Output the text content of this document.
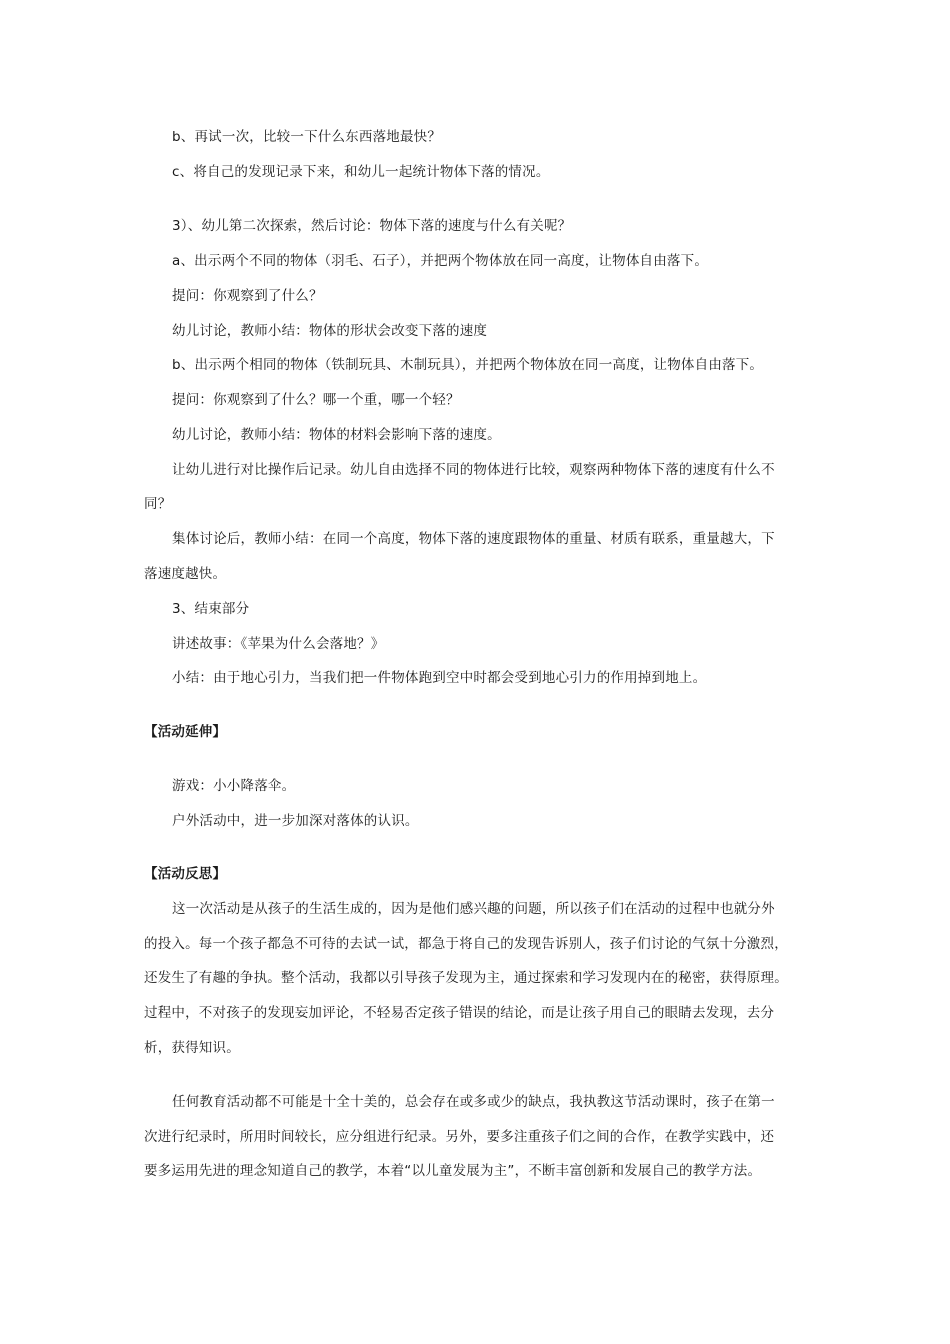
b、再试一次，比较一下什么东西落地最快？
c、将自己的发现记录下来，和幼儿一起统计物体下落的情况。
3）、幼儿第二次探索，然后讨论：物体下落的速度与什么有关呢？
a、出示两个不同的物体（羽毛、石子），并把两个物体放在同一高度，让物体自由落下。
提问：你观察到了什么？
幼儿讨论，教师小结：物体的形状会改变下落的速度
b、出示两个相同的物体（铁制玩具、木制玩具），并把两个物体放在同一高度，让物体自由落下。
提问：你观察到了什么？哪一个重，哪一个轻？
幼儿讨论，教师小结：物体的材料会影响下落的速度。
让幼儿进行对比操作后记录。幼儿自由选择不同的物体进行比较，观察两种物体下落的速度有什么不
同？
集体讨论后，教师小结：在同一个高度，物体下落的速度跟物体的重量、材质有联系，重量越大，下
落速度越快。
3、结束部分
讲述故事：《苹果为什么会落地？》
小结：由于地心引力，当我们把一件物体跑到空中时都会受到地心引力的作用掉到地上。
【活动延伸】
游戏：小小降落伞。
户外活动中，进一步加深对落体的认识。
【活动反思】
这一次活动是从孩子的生活生成的，因为是他们感兴趣的问题，所以孩子们在活动的过程中也就分外
的投入。每一个孩子都急不可待的去试一试，都急于将自己的发现告诉别人，孩子们讨论的气氛十分激烈，
还发生了有趣的争执。整个活动，我都以引导孩子发现为主，通过探索和学习发现内在的秘密，获得原理。
过程中，不对孩子的发现妄加评论，不轻易否定孩子错误的结论，而是让孩子用自己的眼睛去发现，去分
析，获得知识。
任何教育活动都不可能是十全十美的，总会存在或多或少的缺点，我执教这节活动课时，孩子在第一
次进行纪录时，所用时间较长，应分组进行纪录。另外，要多注重孩子们之间的合作，在教学实践中，还
要多运用先进的理念知道自己的教学，本着“以儿童发展为主”，不断丰富创新和发展自己的教学方法。
